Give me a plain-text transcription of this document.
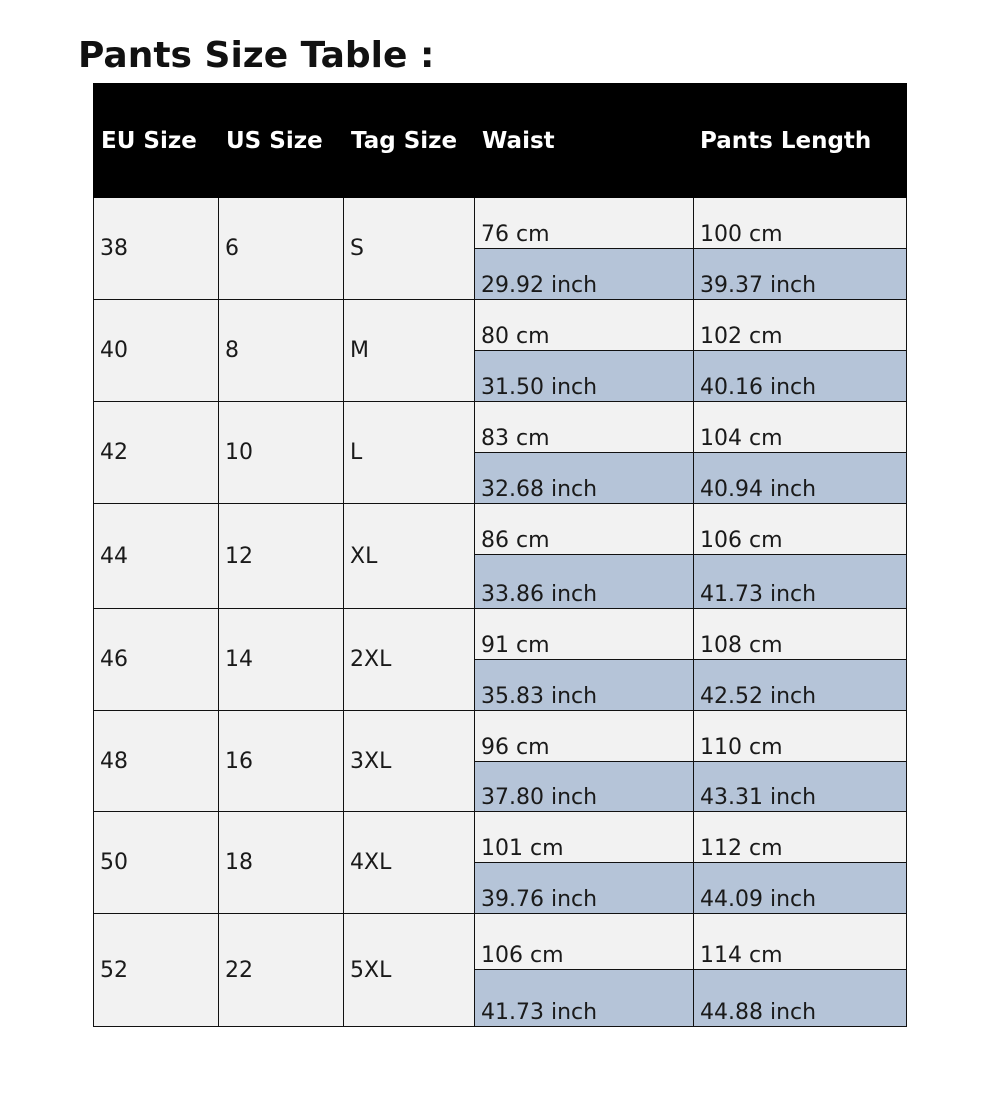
Pants Size Table :
EU Size	US Size	Tag Size	Waist	Pants Length
38	6	S	76 cm	100 cm
			29.92 inch	39.37 inch
40	8	M	80 cm	102 cm
			31.50 inch	40.16 inch
42	10	L	83 cm	104 cm
			32.68 inch	40.94 inch
44	12	XL	86 cm	106 cm
			33.86 inch	41.73 inch
46	14	2XL	91 cm	108 cm
			35.83 inch	42.52 inch
48	16	3XL	96 cm	110 cm
			37.80 inch	43.31 inch
50	18	4XL	101 cm	112 cm
			39.76 inch	44.09 inch
52	22	5XL	106 cm	114 cm
			41.73 inch	44.88 inch
